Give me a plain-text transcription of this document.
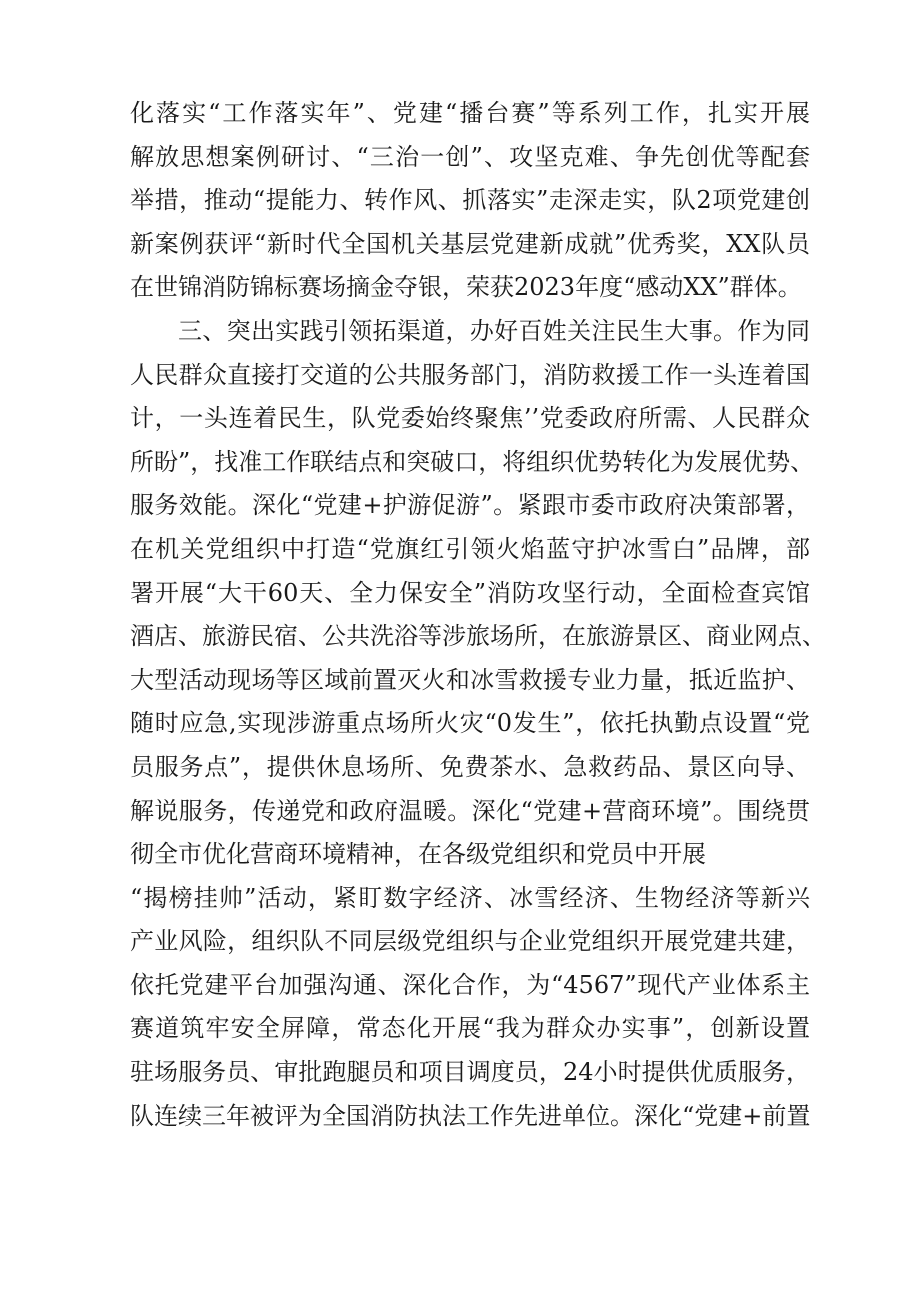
化落实“工作落实年”、党建“播台赛”等系列工作，扎实开展
解放思想案例研讨、“三治一创”、攻坚克难、争先创优等配套
举措，推动“提能力、转作风、抓落实”走深走实，队2项党建创
新案例获评“新时代全国机关基层党建新成就”优秀奖，XX队员
在世锦消防锦标赛场摘金夺银，荣获2023年度“感动XX”群体。
三、突出实践引领拓渠道，办好百姓关注民生大事。作为同
人民群众直接打交道的公共服务部门，消防救援工作一头连着国
计，一头连着民生，队党委始终聚焦’’党委政府所需、人民群众
所盼”，找准工作联结点和突破口，将组织优势转化为发展优势、
服务效能。深化“党建+护游促游”。紧跟市委市政府决策部署，
在机关党组织中打造“党旗红引领火焰蓝守护冰雪白”品牌，部
署开展“大干60天、全力保安全”消防攻坚行动，全面检查宾馆
酒店、旅游民宿、公共洗浴等涉旅场所，在旅游景区、商业网点、
大型活动现场等区域前置灭火和冰雪救援专业力量，抵近监护、
随时应急,实现涉游重点场所火灾“0发生”，依托执勤点设置“党
员服务点”，提供休息场所、免费茶水、急救药品、景区向导、
解说服务，传递党和政府温暖。深化“党建+营商环境”。围绕贯
彻全市优化营商环境精神，在各级党组织和党员中开展
“揭榜挂帅”活动，紧盯数字经济、冰雪经济、生物经济等新兴
产业风险，组织队不同层级党组织与企业党组织开展党建共建，
依托党建平台加强沟通、深化合作，为“4567”现代产业体系主
赛道筑牢安全屏障，常态化开展“我为群众办实事”，创新设置
驻场服务员、审批跑腿员和项目调度员，24小时提供优质服务，
队连续三年被评为全国消防执法工作先进单位。深化“党建+前置
